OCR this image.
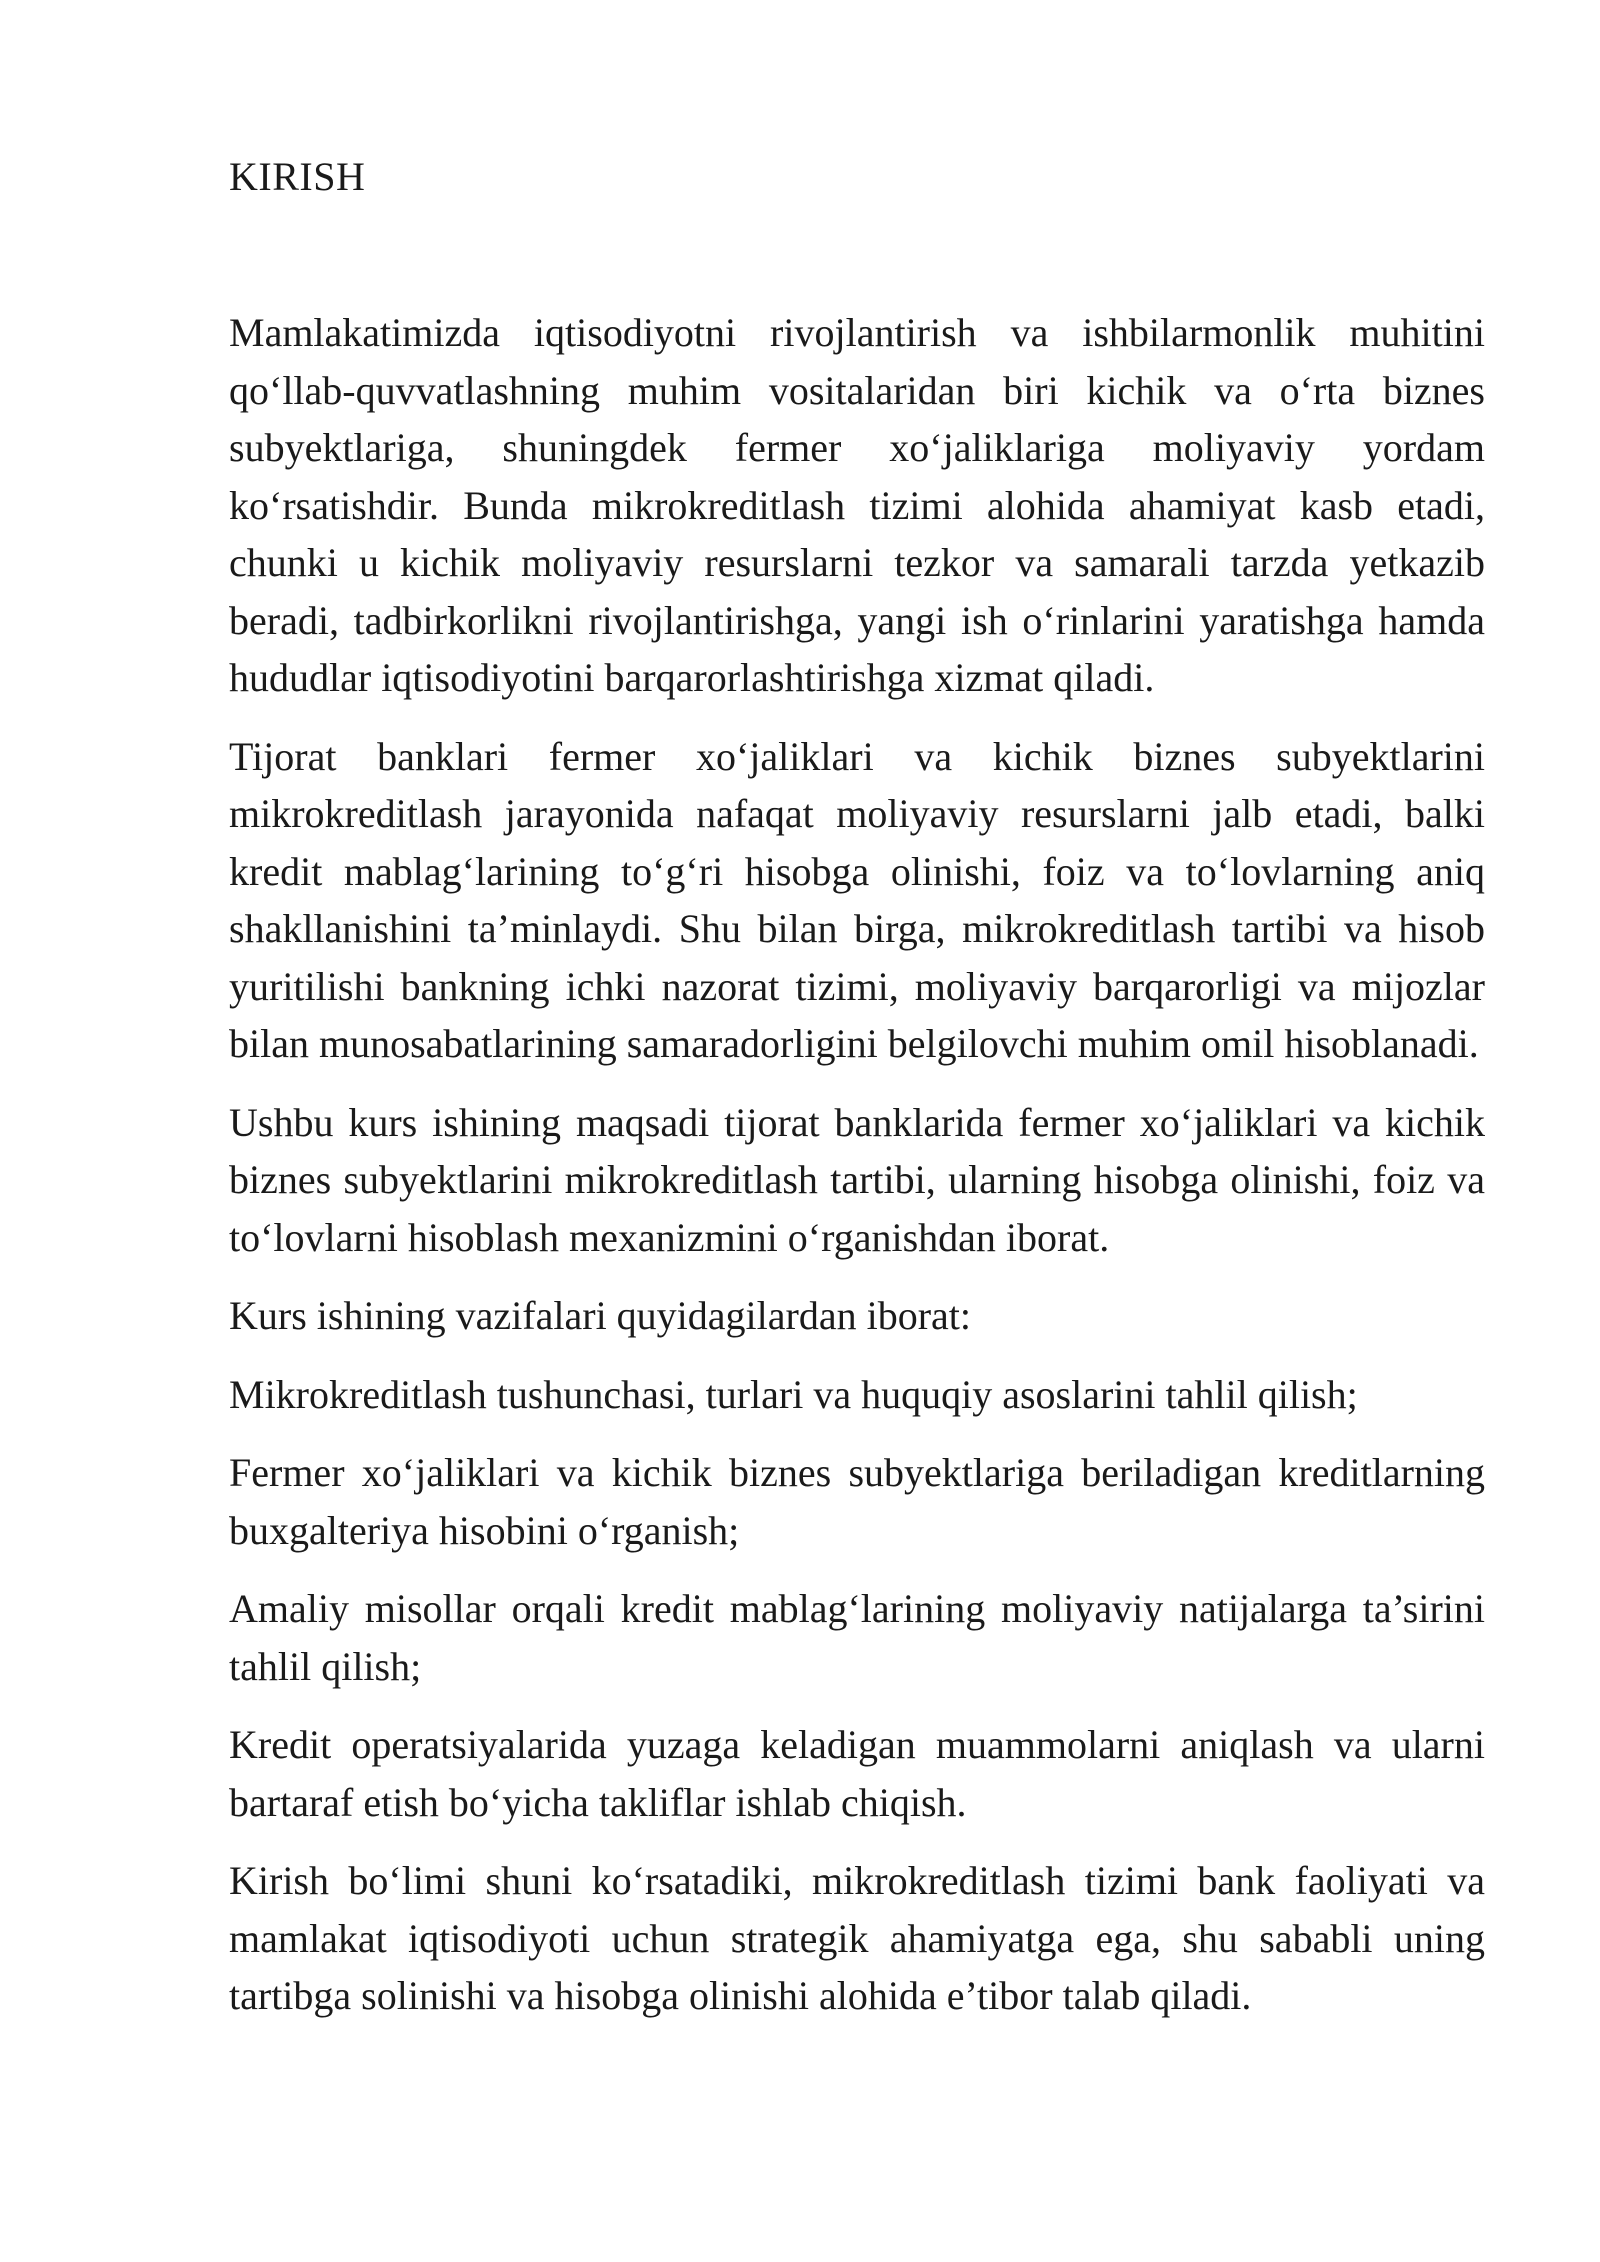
KIRISH

Mamlakatimizda iqtisodiyotni rivojlantirish va ishbilarmonlik muhitini qo‘llab-quvvatlashning muhim vositalaridan biri kichik va o‘rta biznes subyektlariga, shuningdek fermer xo‘jaliklariga moliyaviy yordam ko‘rsatishdir. Bunda mikrokreditlash tizimi alohida ahamiyat kasb etadi, chunki u kichik moliyaviy resurslarni tezkor va samarali tarzda yetkazib beradi, tadbirkorlikni rivojlantirishga, yangi ish o‘rinlarini yaratishga hamda hududlar iqtisodiyotini barqarorlashtirishga xizmat qiladi.

Tijorat banklari fermer xo‘jaliklari va kichik biznes subyektlarini mikrokreditlash jarayonida nafaqat moliyaviy resurslarni jalb etadi, balki kredit mablag‘larining to‘g‘ri hisobga olinishi, foiz va to‘lovlarning aniq shakllanishini ta’minlaydi. Shu bilan birga, mikrokreditlash tartibi va hisob yuritilishi bankning ichki nazorat tizimi, moliyaviy barqarorligi va mijozlar bilan munosabatlarining samaradorligini belgilovchi muhim omil hisoblanadi.

Ushbu kurs ishining maqsadi tijorat banklarida fermer xo‘jaliklari va kichik biznes subyektlarini mikrokreditlash tartibi, ularning hisobga olinishi, foiz va to‘lovlarni hisoblash mexanizmini o‘rganishdan iborat.

Kurs ishining vazifalari quyidagilardan iborat:

Mikrokreditlash tushunchasi, turlari va huquqiy asoslarini tahlil qilish;

Fermer xo‘jaliklari va kichik biznes subyektlariga beriladigan kreditlarning buxgalteriya hisobini o‘rganish;

Amaliy misollar orqali kredit mablag‘larining moliyaviy natijalarga ta’sirini tahlil qilish;

Kredit operatsiyalarida yuzaga keladigan muammolarni aniqlash va ularni bartaraf etish bo‘yicha takliflar ishlab chiqish.

Kirish bo‘limi shuni ko‘rsatadiki, mikrokreditlash tizimi bank faoliyati va mamlakat iqtisodiyoti uchun strategik ahamiyatga ega, shu sababli uning tartibga solinishi va hisobga olinishi alohida e’tibor talab qiladi.
